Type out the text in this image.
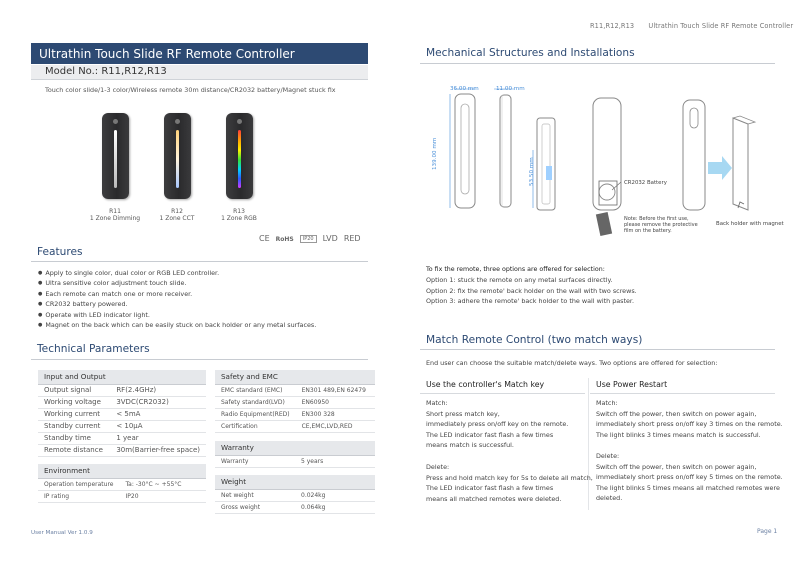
R11,R12,R13 Ultrathin Touch Slide RF Remote Controller
Ultrathin Touch Slide RF Remote Controller
Model No.: R11,R12,R13
Touch color slide/1-3 color/Wireless remote 30m distance/CR2032 battery/Magnet stuck fix
R11
1 Zone Dimming
R12
1 Zone CCT
R13
1 Zone RGB
CE RoHS IP20 LVD RED
Features
● Apply to single color, dual color or RGB LED controller.
● Ultra sensitive color adjustment touch slide.
● Each remote can match one or more receiver.
● CR2032 battery powered.
● Operate with LED indicator light.
● Magnet on the back which can be easily stuck on back holder or any metal surfaces.
Technical Parameters
Input and Output	
Output signal	RF(2.4GHz)
Working voltage	3VDC(CR2032)
Working current	< 5mA
Standby current	< 10μA
Standby time	1 year
Remote distance	30m(Barrier-free space)
Environment	
Operation temperature	Ta: -30°C ~ +55°C
IP rating	IP20
Safety and EMC	
EMC standard (EMC)	EN301 489,EN 62479
Safety standard(LVD)	EN60950
Radio Equipment(RED)	EN300 328
Certification	CE,EMC,LVD,RED
Warranty
Warranty	5 years
Weight	
Net weight	0.024kg
Gross weight	0.064kg
User Manual Ver 1.0.9
Mechanical Structures and Installations
36.00 mm	11.00 mm
139.00 mm
53.50 mm	CR2032 Battery
Note: Before the first use,
please remove the protective
film on the battery.
Back holder with magnet
To fix the remote, three options are offered for selection:
Option 1: stuck the remote on any metal surfaces directly.
Option 2: fix the remote' back holder on the wall with two screws.
Option 3: adhere the remote' back holder to the wall with paster.
Match Remote Control (two match ways)
End user can choose the suitable match/delete ways. Two options are offered for selection:
Use the controller's Match key	Use Power Restart
Match:
Short press match key,
immediately press on/off key on the remote.
The LED indicator fast flash a few times
means match is successful.
Delete:
Press and hold match key for 5s to delete all match,
The LED indicator fast flash a few times
means all matched remotes were deleted.
Match:
Switch off the power, then switch on power again,
immediately short press on/off key 3 times on the remote.
The light blinks 3 times means match is successful.
Delete:
Switch off the power, then switch on power again,
immediately short press on/off key 5 times on the remote.
The light blinks 5 times means all matched remotes were
deleted.
Page 1
